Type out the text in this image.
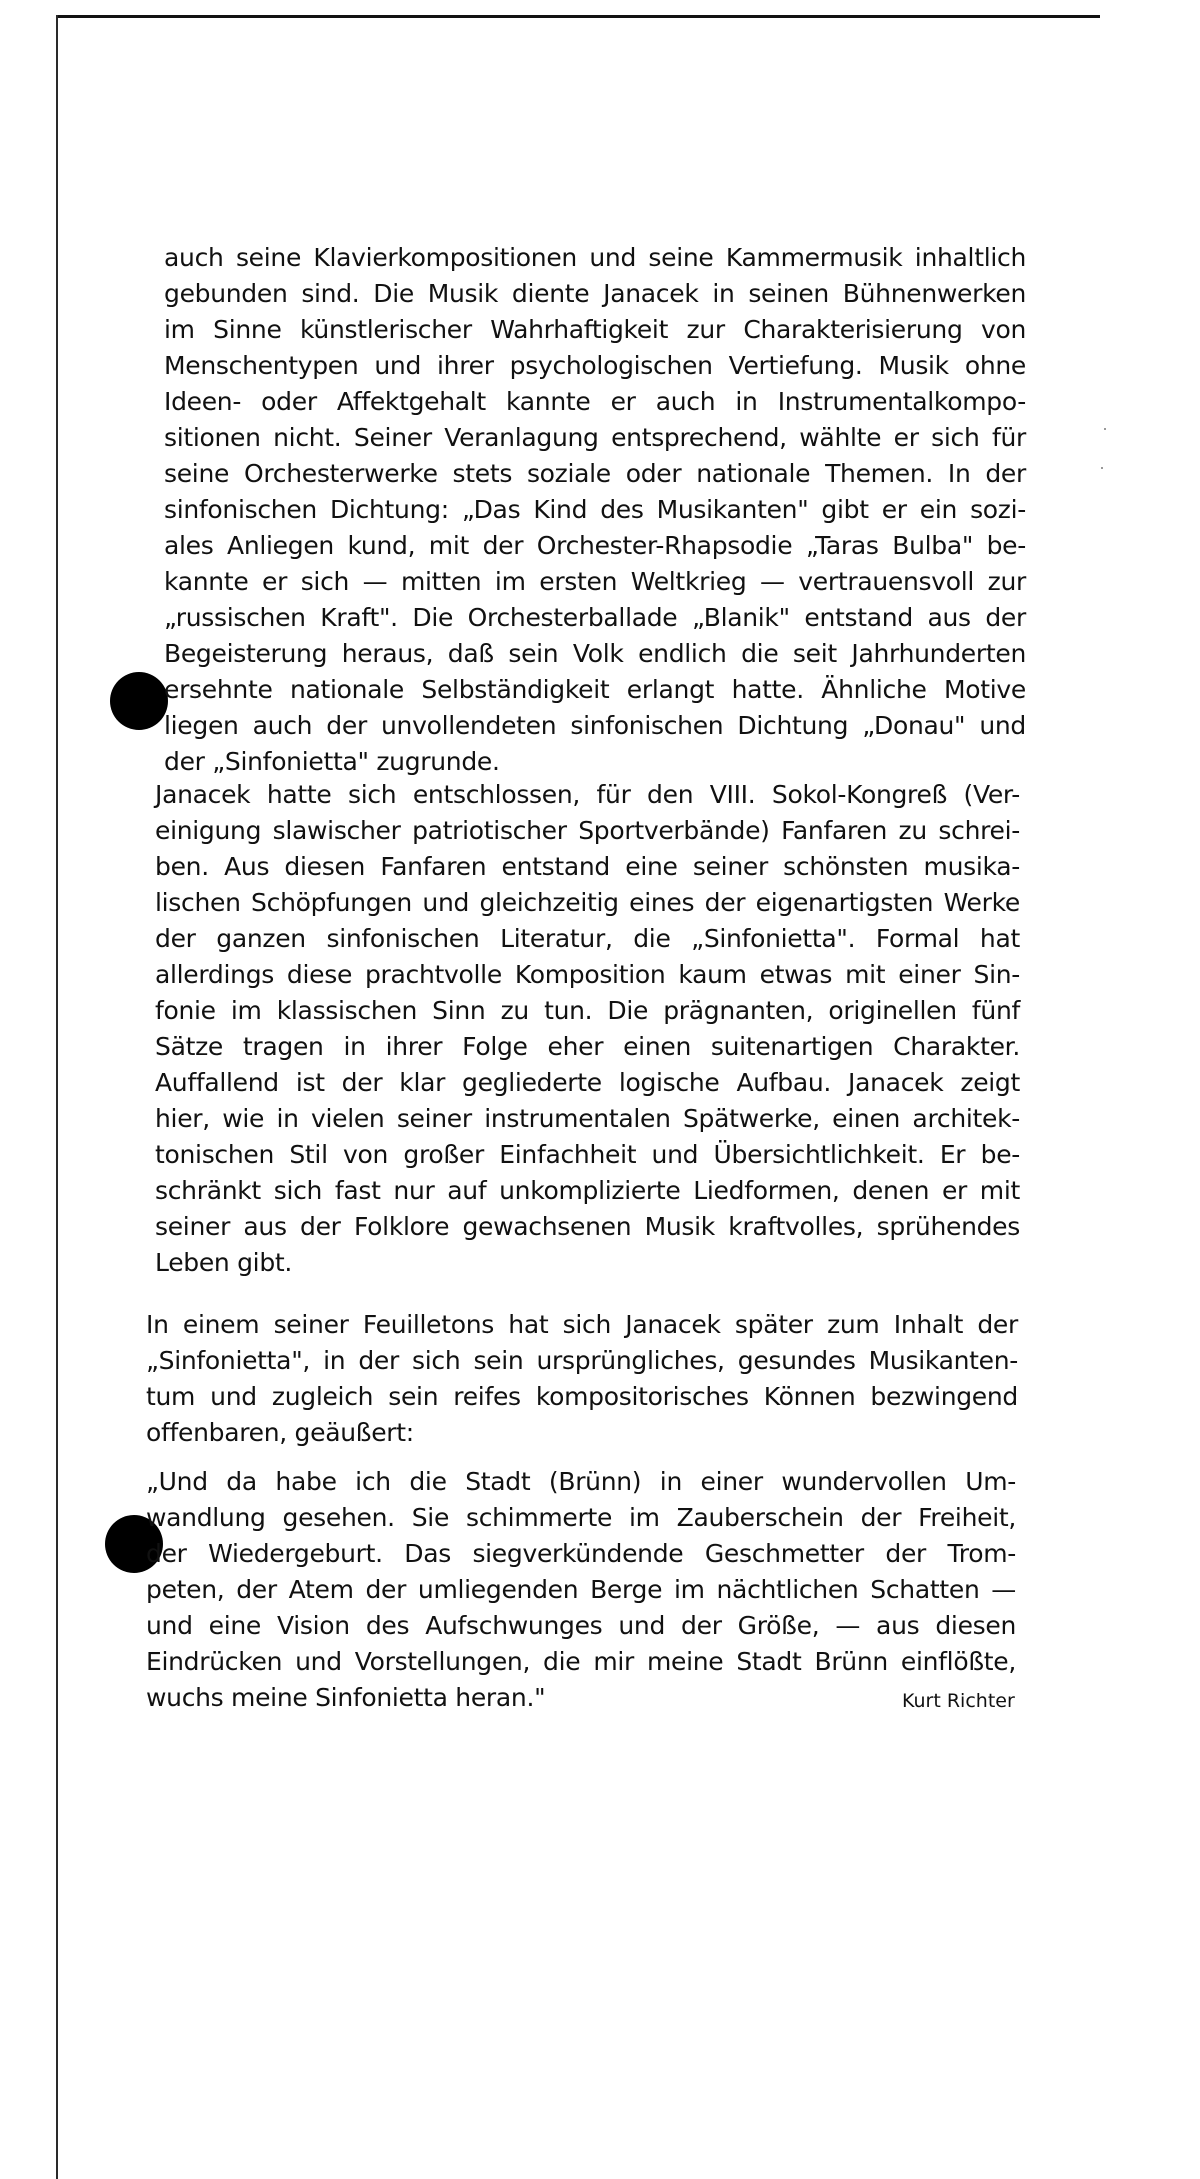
auch seine Klavierkompositionen und seine Kammermusik inhaltlich
gebunden sind. Die Musik diente Janacek in seinen Bühnenwerken
im Sinne künstlerischer Wahrhaftigkeit zur Charakterisierung von
Menschentypen und ihrer psychologischen Vertiefung. Musik ohne
Ideen- oder Affektgehalt kannte er auch in Instrumentalkompo-
sitionen nicht. Seiner Veranlagung entsprechend, wählte er sich für
seine Orchesterwerke stets soziale oder nationale Themen. In der
sinfonischen Dichtung: „Das Kind des Musikanten" gibt er ein sozi-
ales Anliegen kund, mit der Orchester-Rhapsodie „Taras Bulba" be-
kannte er sich — mitten im ersten Weltkrieg — vertrauensvoll zur
„russischen Kraft". Die Orchesterballade „Blanik" entstand aus der
Begeisterung heraus, daß sein Volk endlich die seit Jahrhunderten
ersehnte nationale Selbständigkeit erlangt hatte. Ähnliche Motive
liegen auch der unvollendeten sinfonischen Dichtung „Donau" und
der „Sinfonietta" zugrunde.
Janacek hatte sich entschlossen, für den VIII. Sokol-Kongreß (Ver-
einigung slawischer patriotischer Sportverbände) Fanfaren zu schrei-
ben. Aus diesen Fanfaren entstand eine seiner schönsten musika-
lischen Schöpfungen und gleichzeitig eines der eigenartigsten Werke
der ganzen sinfonischen Literatur, die „Sinfonietta". Formal hat
allerdings diese prachtvolle Komposition kaum etwas mit einer Sin-
fonie im klassischen Sinn zu tun. Die prägnanten, originellen fünf
Sätze tragen in ihrer Folge eher einen suitenartigen Charakter.
Auffallend ist der klar gegliederte logische Aufbau. Janacek zeigt
hier, wie in vielen seiner instrumentalen Spätwerke, einen architek-
tonischen Stil von großer Einfachheit und Übersichtlichkeit. Er be-
schränkt sich fast nur auf unkomplizierte Liedformen, denen er mit
seiner aus der Folklore gewachsenen Musik kraftvolles, sprühendes
Leben gibt.
In einem seiner Feuilletons hat sich Janacek später zum Inhalt der
„Sinfonietta", in der sich sein ursprüngliches, gesundes Musikanten-
tum und zugleich sein reifes kompositorisches Können bezwingend
offenbaren, geäußert:
„Und da habe ich die Stadt (Brünn) in einer wundervollen Um-
wandlung gesehen. Sie schimmerte im Zauberschein der Freiheit,
der Wiedergeburt. Das siegverkündende Geschmetter der Trom-
peten, der Atem der umliegenden Berge im nächtlichen Schatten —
und eine Vision des Aufschwunges und der Größe, — aus diesen
Eindrücken und Vorstellungen, die mir meine Stadt Brünn einflößte,
wuchs meine Sinfonietta heran."	Kurt Richter
